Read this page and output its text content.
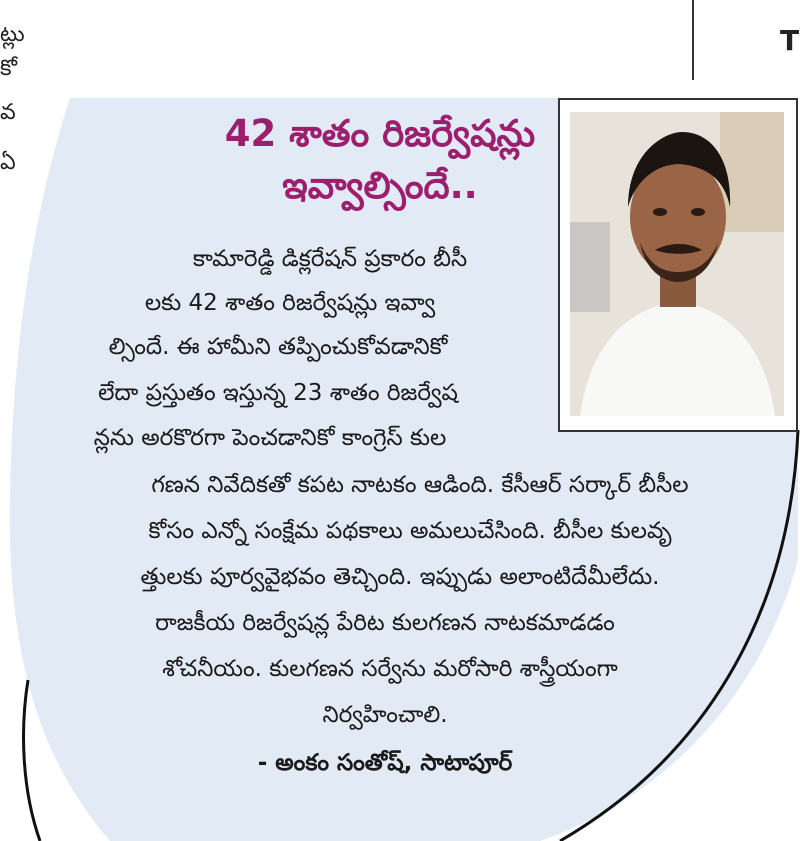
ట్లు
కో
వ
ఏ
T
42 శాతం రిజర్వేషన్లు
ఇవ్వాల్సిందే..
కామారెడ్డి డిక్లరేషన్ ప్రకారం బీసీ
లకు 42 శాతం రిజర్వేషన్లు ఇవ్వా
ల్సిందే. ఈ హామీని తప్పించుకోవడానికో
లేదా ప్రస్తుతం ఇస్తున్న 23 శాతం రిజర్వేష
న్లను అరకొరగా పెంచడానికో కాంగ్రెస్ కుల
గణన నివేదికతో కపట నాటకం ఆడింది. కేసీఆర్ సర్కార్ బీసీల
కోసం ఎన్నో సంక్షేమ పథకాలు అమలుచేసింది. బీసీల కులవృ
త్తులకు పూర్వవైభవం తెచ్చింది. ఇప్పుడు అలాంటిదేమీలేదు.
రాజకీయ రిజర్వేషన్ల పేరిట కులగణన నాటకమాడడం
శోచనీయం. కులగణన సర్వేను మరోసారి శాస్త్రీయంగా
నిర్వహించాలి.
- అంకం సంతోష్, సాటాపూర్
